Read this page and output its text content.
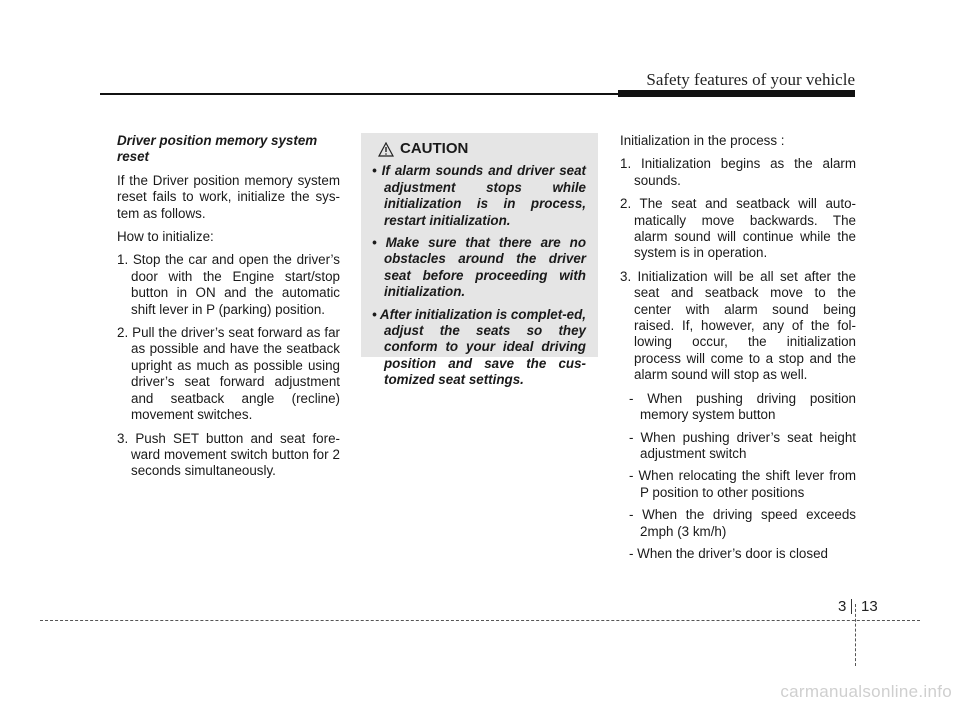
Safety features of your vehicle

Driver position memory system reset

If the Driver position memory system reset fails to work, initialize the sys-tem as follows.

How to initialize:

1. Stop the car and open the driver’s door with the Engine start/stop button in ON and the automatic shift lever in P (parking) position.
2. Pull the driver’s seat forward as far as possible and have the seatback upright as much as possible using driver’s seat forward adjustment and seatback angle (recline) movement switches.
3. Push SET button and seat fore-ward movement switch button for 2 seconds simultaneously.
CAUTION
• If alarm sounds and driver seat adjustment stops while initialization is in process, restart initialization.
• Make sure that there are no obstacles around the driver seat before proceeding with initialization.
• After initialization is complet-ed, adjust the seats so they conform to your ideal driving position and save the cus-tomized seat settings.

Initialization in the process :

1. Initialization begins as the alarm sounds.
2. The seat and seatback will auto-matically move backwards. The alarm sound will continue while the system is in operation.
3. Initialization will be all set after the seat and seatback move to the center with alarm sound being raised. If, however, any of the fol-lowing occur, the initialization process will come to a stop and the alarm sound will stop as well.
- When pushing driving position memory system button
- When pushing driver’s seat height adjustment switch
- When relocating the shift lever from P position to other positions
- When the driving speed exceeds 2mph (3 km/h)
- When the driver’s door is closed
3 13
carmanualsonline.info
